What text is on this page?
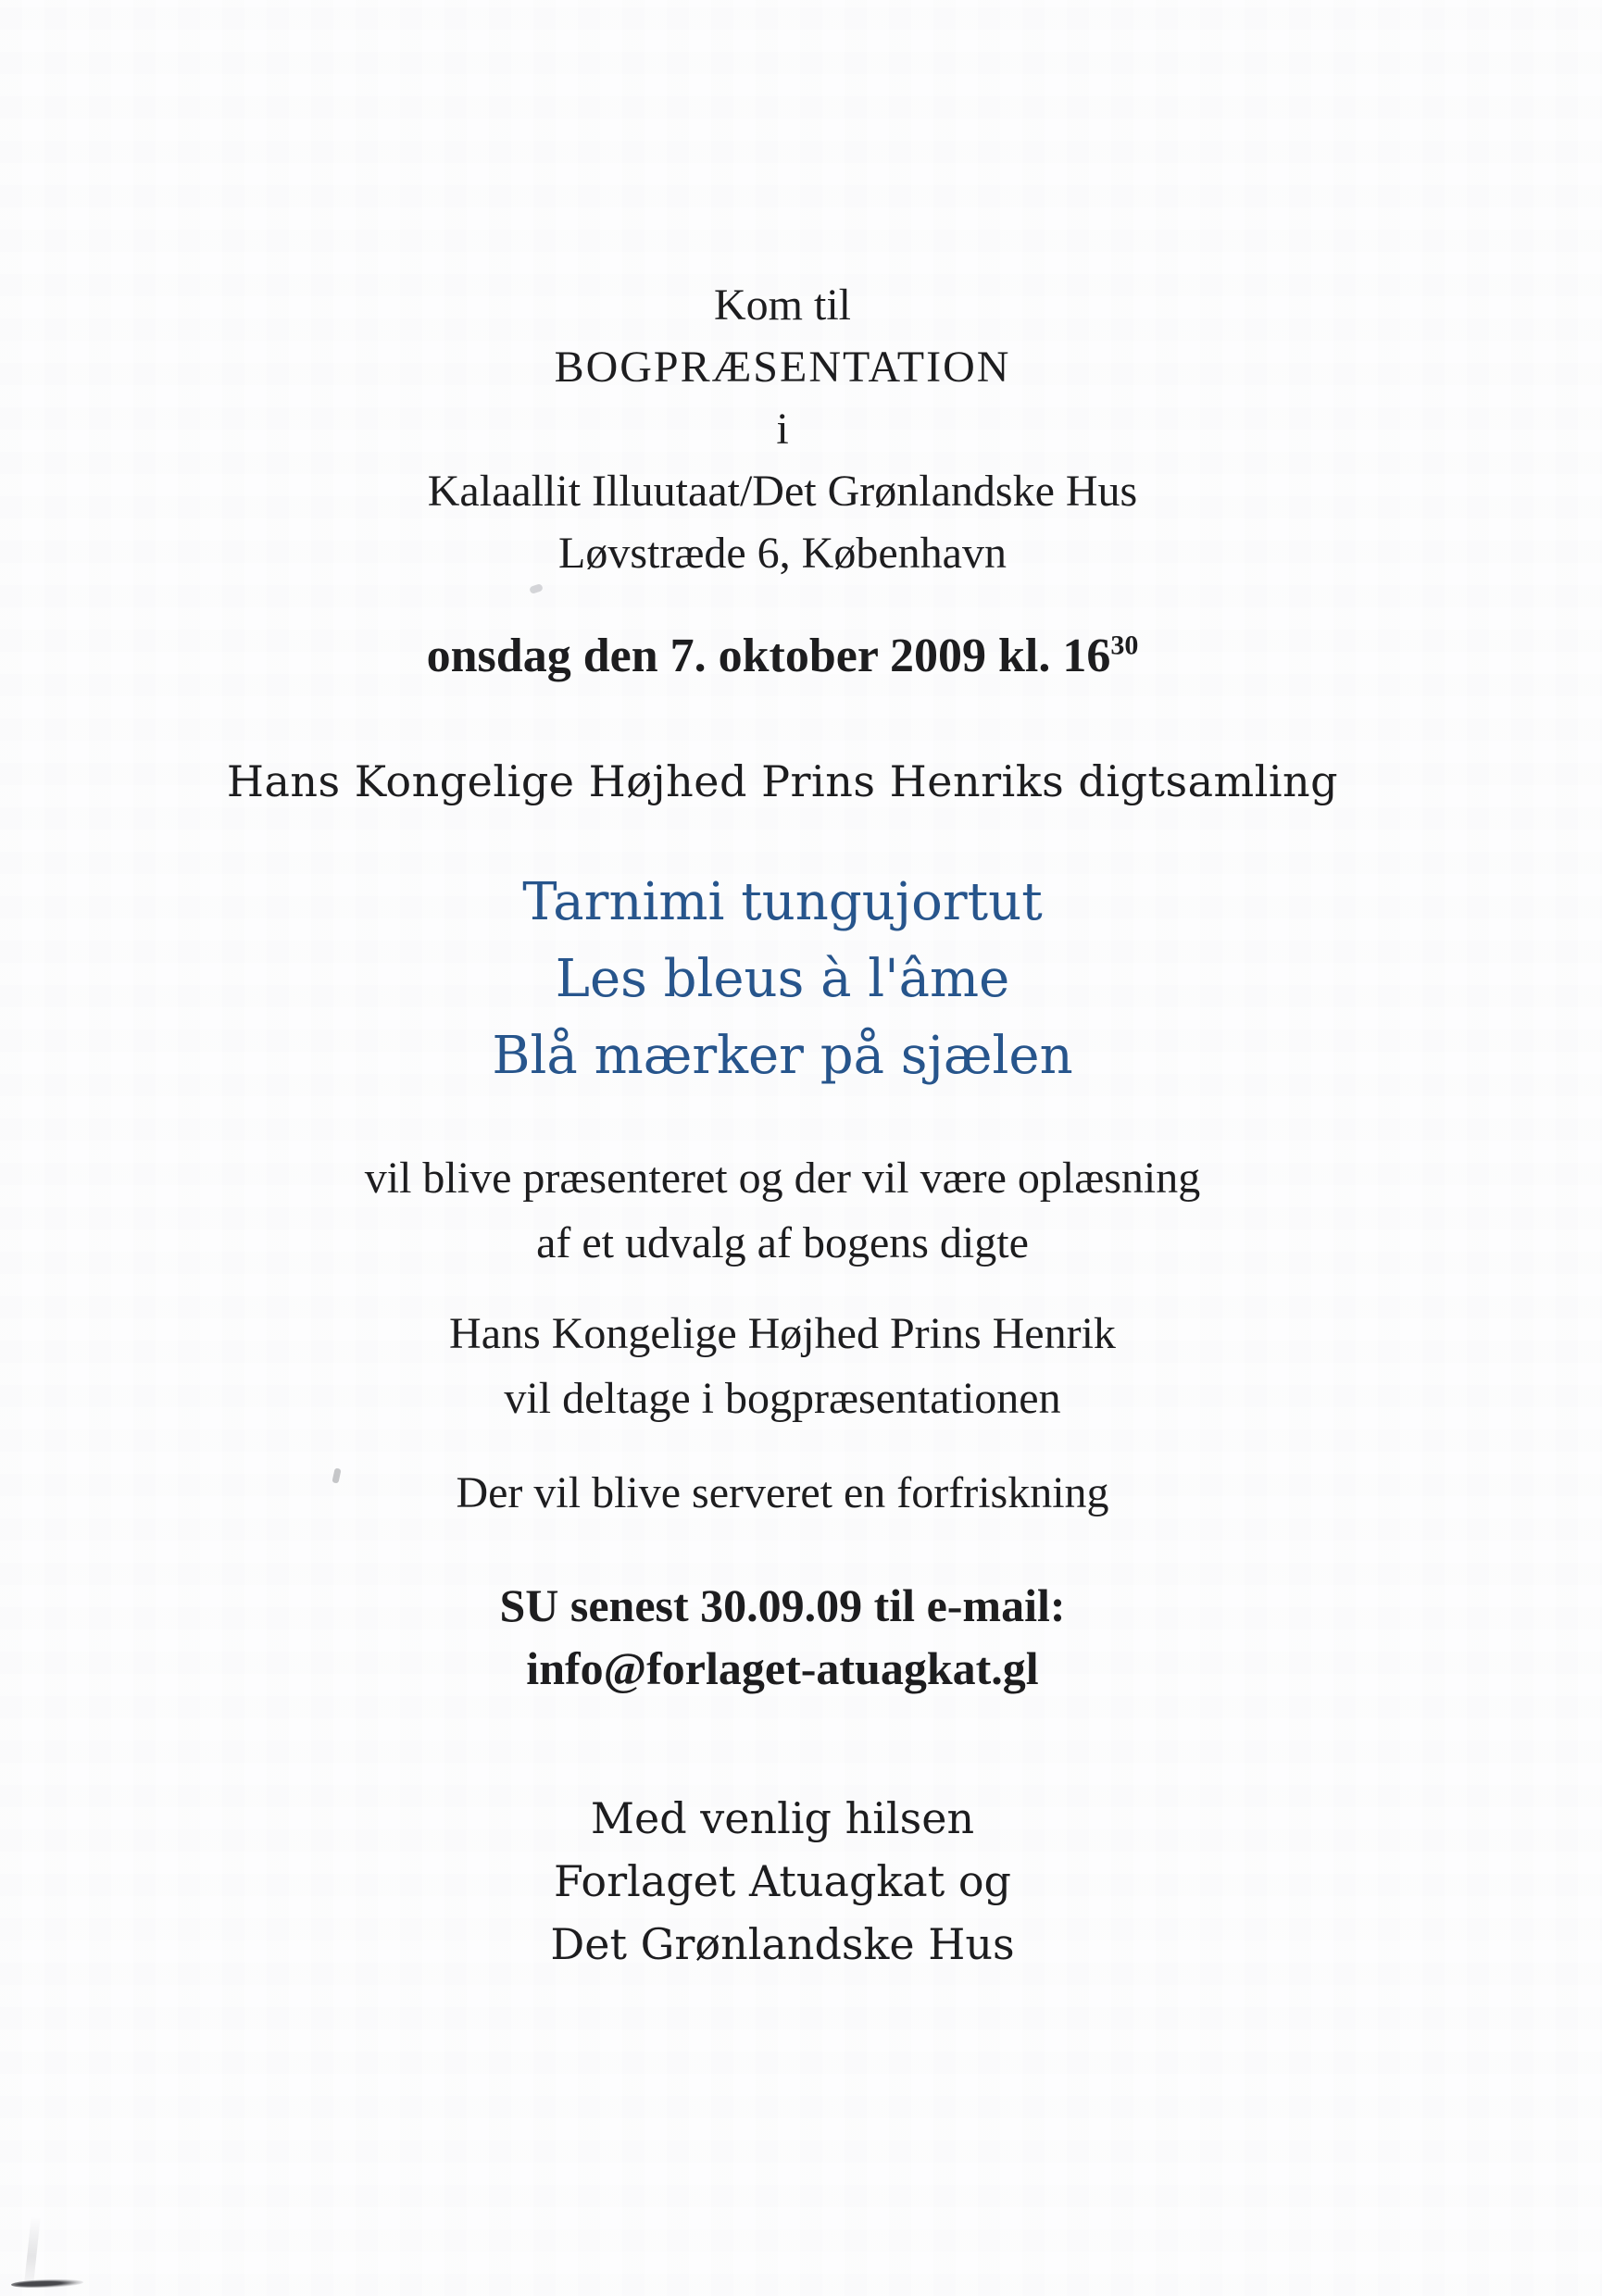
Kom til
BOGPRÆSENTATION
i
Kalaallit Illuutaat/Det Grønlandske Hus
Løvstræde 6, København
onsdag den 7. oktober 2009 kl. $16^{30}$
Hans Kongelige Højhed Prins Henriks digtsamling
Tarnimi tungujortut
Les bleus à l'âme
Blå mærker på sjælen
vil blive præsenteret og der vil være oplæsning
af et udvalg af bogens digte
Hans Kongelige Højhed Prins Henrik
vil deltage i bogpræsentationen
Der vil blive serveret en forfriskning
SU senest 30.09.09 til e-mail:
info@forlaget-atuagkat.gl
Med venlig hilsen
Forlaget Atuagkat og
Det Grønlandske Hus
